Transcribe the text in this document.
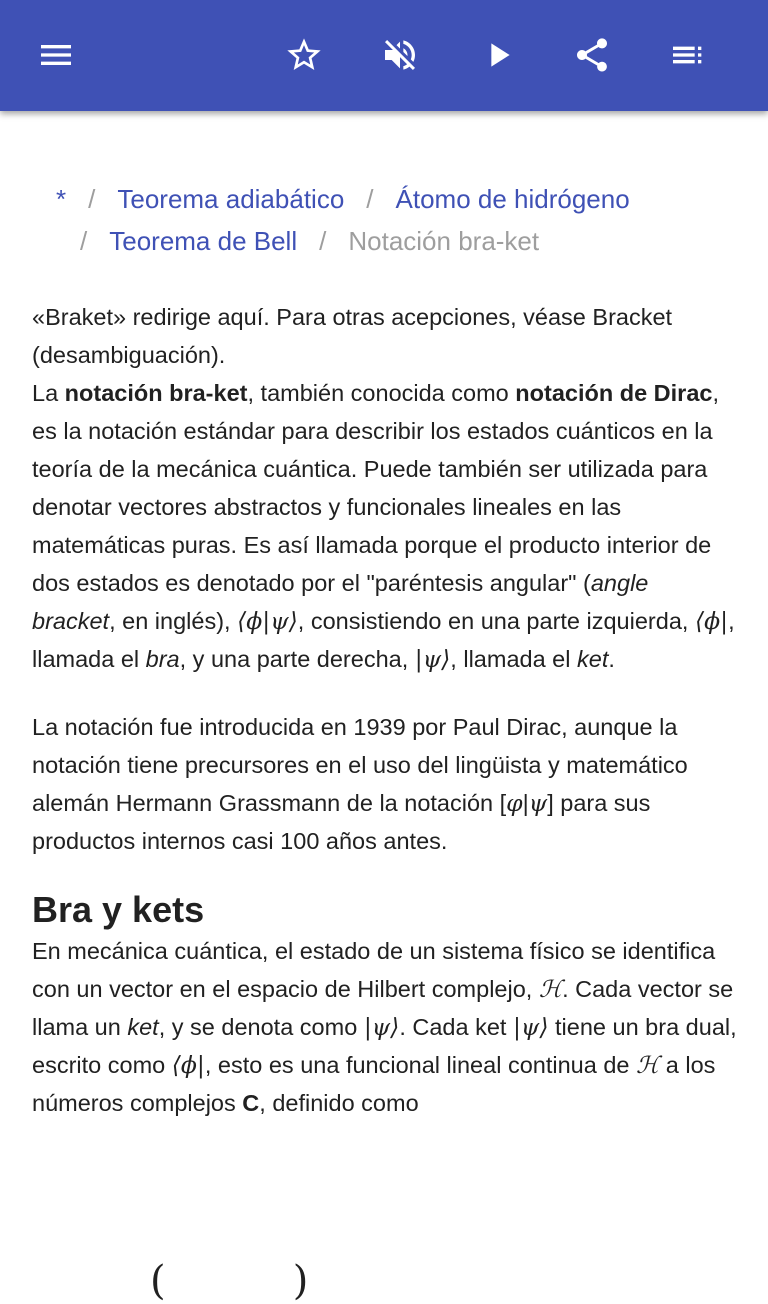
* / Teorema adiabático / Átomo de hidrógeno
/ Teorema de Bell / Notación bra-ket

«Braket» redirige aquí. Para otras acepciones, véase Bracket (desambiguación).

La notación bra-ket, también conocida como notación de Dirac, es la notación estándar para describir los estados cuánticos en la teoría de la mecánica cuántica. Puede también ser utilizada para denotar vectores abstractos y funcionales lineales en las matemáticas puras. Es así llamada porque el producto interior de dos estados es denotado por el "paréntesis angular" (angle bracket, en inglés), ⟨ϕ|ψ⟩, consistiendo en una parte izquierda, ⟨ϕ|, llamada el bra, y una parte derecha, |ψ⟩, llamada el ket.

La notación fue introducida en 1939 por Paul Dirac, aunque la notación tiene precursores en el uso del lingüista y matemático alemán Hermann Grassmann de la notación [φ|ψ] para sus productos internos casi 100 años antes.

Bra y kets

En mecánica cuántica, el estado de un sistema físico se identifica con un vector en el espacio de Hilbert complejo, ℋ. Cada vector se llama un ket, y se denota como |ψ⟩. Cada ket |ψ⟩ tiene un bra dual, escrito como ⟨ϕ|, esto es una funcional lineal continua de ℋ a los números complejos C, definido como

(          )
